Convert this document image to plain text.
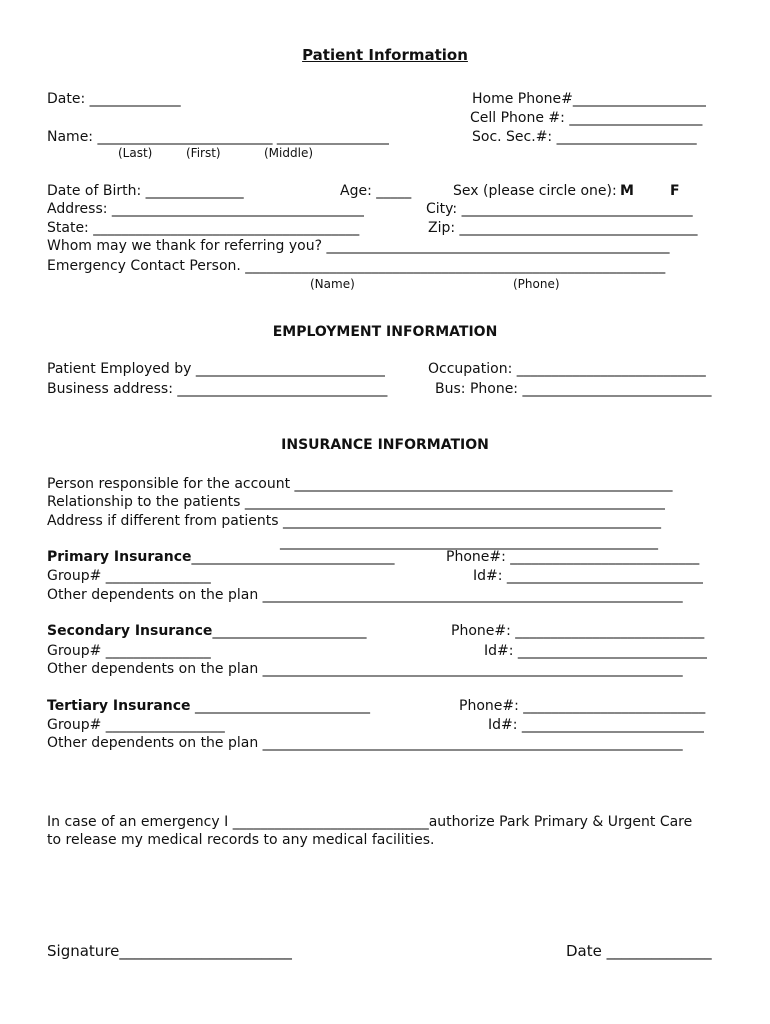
Patient Information
Date: _____________	Home Phone#___________________
Cell Phone #: ___________________
Soc. Sec.#: ____________________
Name: _________________________ ________________
(Last)	(First)	(Middle)
Date of Birth: ______________	Age: _____	Sex (please circle one): M	F
Address: ____________________________________	City: _________________________________
State: ______________________________________	Zip: __________________________________
Whom may we thank for referring you? _________________________________________________
Emergency Contact Person. ____________________________________________________________
(Name)	(Phone)
EMPLOYMENT INFORMATION
Patient Employed by ___________________________	Occupation: ___________________________
Business address: ______________________________	Bus: Phone: ___________________________
INSURANCE INFORMATION
Person responsible for the account ______________________________________________________
Relationship to the patients ____________________________________________________________
Address if different from patients ______________________________________________________
______________________________________________________
Primary Insurance_____________________________	Phone#: ___________________________
Group# _______________	Id#: ____________________________
Other dependents on the plan ____________________________________________________________
Secondary Insurance______________________	Phone#: ___________________________
Group# _______________	Id#: ___________________________
Other dependents on the plan ____________________________________________________________
Tertiary Insurance _________________________	Phone#: __________________________
Group# _________________	Id#: __________________________
Other dependents on the plan ____________________________________________________________
In case of an emergency I ____________________________authorize Park Primary & Urgent Care
to release my medical records to any medical facilities.
Signature_______________________	Date ______________
